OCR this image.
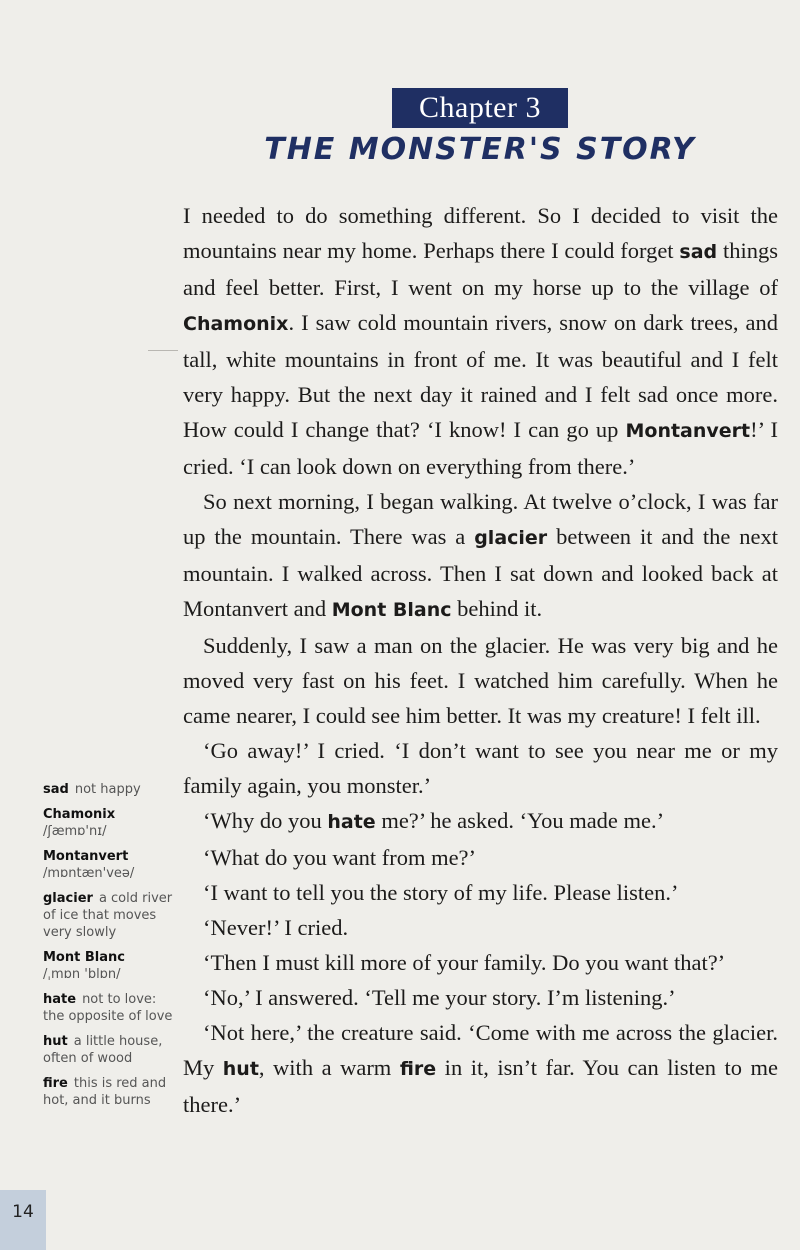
Chapter 3
THE MONSTER'S STORY

I needed to do something different. So I decided to visit the mountains near my home. Perhaps there I could forget sad things and feel better. First, I went on my horse up to the village of Chamonix. I saw cold mountain rivers, snow on dark trees, and tall, white mountains in front of me. It was beautiful and I felt very happy. But the next day it rained and I felt sad once more. How could I change that? ‘I know! I can go up Montanvert!’ I cried. ‘I can look down on everything from there.’

So next morning, I began walking. At twelve o’clock, I was far up the mountain. There was a glacier between it and the next mountain. I walked across. Then I sat down and looked back at Montanvert and Mont Blanc behind it.

Suddenly, I saw a man on the glacier. He was very big and he moved very fast on his feet. I watched him carefully. When he came nearer, I could see him better. It was my creature! I felt ill.

‘Go away!’ I cried. ‘I don’t want to see you near me or my family again, you monster.’

‘Why do you hate me?’ he asked. ‘You made me.’

‘What do you want from me?’

‘I want to tell you the story of my life. Please listen.’

‘Never!’ I cried.

‘Then I must kill more of your family. Do you want that?’

‘No,’ I answered. ‘Tell me your story. I’m listening.’

‘Not here,’ the creature said. ‘Come with me across the glacier. My hut, with a warm fire in it, isn’t far. You can listen to me there.’

sad not happy
Chamonix
/ʃæmɒ'nɪ/
Montanvert
/mɒntæn'veə/
glacier a cold river of ice that moves very slowly
Mont Blanc
/ˌmɒn 'blɒn/
hate not to love: the opposite of love
hut a little house, often of wood
fire this is red and hot, and it burns
14
